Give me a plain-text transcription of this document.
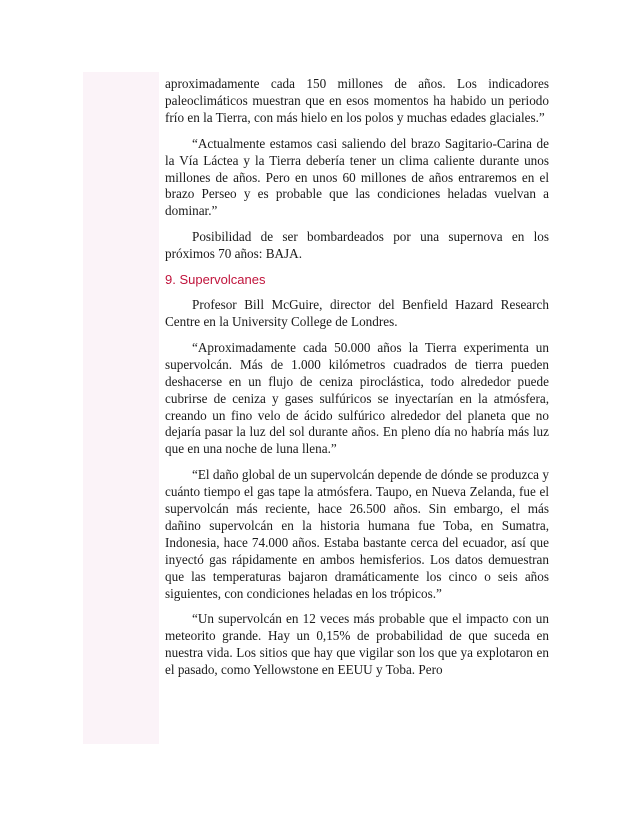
aproximadamente cada 150 millones de años. Los indicadores paleoclimáticos muestran que en esos momentos ha habido un periodo frío en la Tierra, con más hielo en los polos y muchas edades glaciales.”

“Actualmente estamos casi saliendo del brazo Sagitario-Carina de la Vía Láctea y la Tierra debería tener un clima caliente durante unos millones de años. Pero en unos 60 millones de años entraremos en el brazo Perseo y es probable que las condiciones heladas vuelvan a dominar.”

Posibilidad de ser bombardeados por una supernova en los próximos 70 años: BAJA.

9. Supervolcanes

Profesor Bill McGuire, director del Benfield Hazard Research Centre en la University College de Londres.

“Aproximadamente cada 50.000 años la Tierra experimenta un supervolcán. Más de 1.000 kilómetros cuadrados de tierra pueden deshacerse en un flujo de ceniza piroclástica, todo alrededor puede cubrirse de ceniza y gases sulfúricos se inyectarían en la atmósfera, creando un fino velo de ácido sulfúrico alrededor del planeta que no dejaría pasar la luz del sol durante años. En pleno día no habría más luz que en una noche de luna llena.”

“El daño global de un supervolcán depende de dónde se produzca y cuánto tiempo el gas tape la atmósfera. Taupo, en Nueva Zelanda, fue el supervolcán más reciente, hace 26.500 años. Sin embargo, el más dañino supervolcán en la historia humana fue Toba, en Sumatra, Indonesia, hace 74.000 años. Estaba bastante cerca del ecuador, así que inyectó gas rápidamente en ambos hemisferios. Los datos demuestran que las temperaturas bajaron dramáticamente los cinco o seis años siguientes, con condiciones heladas en los trópicos.”

“Un supervolcán en 12 veces más probable que el impacto con un meteorito grande. Hay un 0,15% de probabilidad de que suceda en nuestra vida. Los sitios que hay que vigilar son los que ya explotaron en el pasado, como Yellowstone en EEUU y Toba. Pero
